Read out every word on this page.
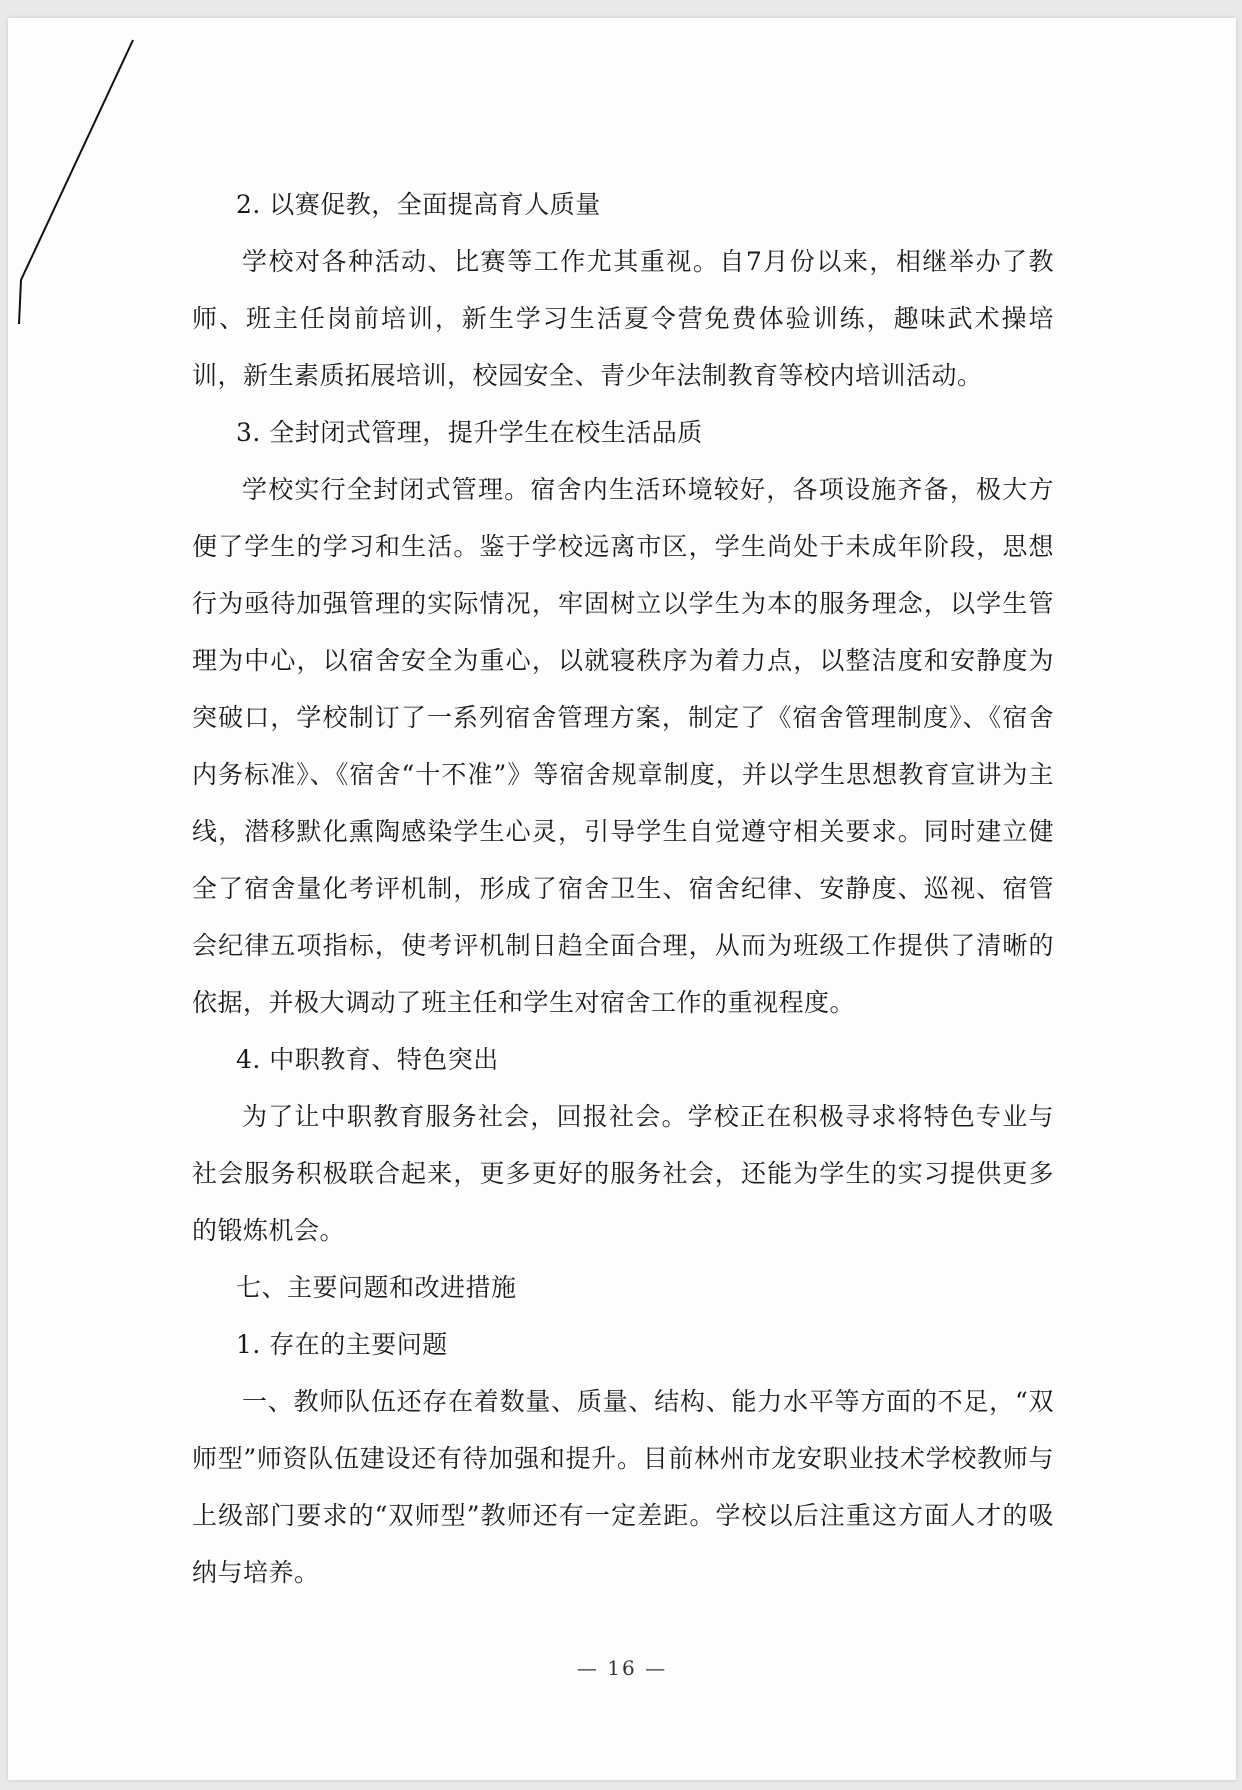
2. 以赛促教，全面提高育人质量

学校对各种活动、比赛等工作尤其重视。自7月份以来，相继举办了教师、班主任岗前培训，新生学习生活夏令营免费体验训练，趣味武术操培训，新生素质拓展培训，校园安全、青少年法制教育等校内培训活动。

3. 全封闭式管理，提升学生在校生活品质

学校实行全封闭式管理。宿舍内生活环境较好，各项设施齐备，极大方便了学生的学习和生活。鉴于学校远离市区，学生尚处于未成年阶段，思想行为亟待加强管理的实际情况，牢固树立以学生为本的服务理念，以学生管理为中心，以宿舍安全为重心，以就寝秩序为着力点，以整洁度和安静度为突破口，学校制订了一系列宿舍管理方案，制定了《宿舍管理制度》、《宿舍内务标准》、《宿舍“十不准”》等宿舍规章制度，并以学生思想教育宣讲为主线，潜移默化熏陶感染学生心灵，引导学生自觉遵守相关要求。同时建立健全了宿舍量化考评机制，形成了宿舍卫生、宿舍纪律、安静度、巡视、宿管会纪律五项指标，使考评机制日趋全面合理，从而为班级工作提供了清晰的依据，并极大调动了班主任和学生对宿舍工作的重视程度。

4. 中职教育、特色突出

为了让中职教育服务社会，回报社会。学校正在积极寻求将特色专业与社会服务积极联合起来，更多更好的服务社会，还能为学生的实习提供更多的锻炼机会。

七、主要问题和改进措施

1. 存在的主要问题

一、教师队伍还存在着数量、质量、结构、能力水平等方面的不足，“双师型”师资队伍建设还有待加强和提升。目前林州市龙安职业技术学校教师与上级部门要求的“双师型”教师还有一定差距。学校以后注重这方面人才的吸纳与培养。

— 16 —
